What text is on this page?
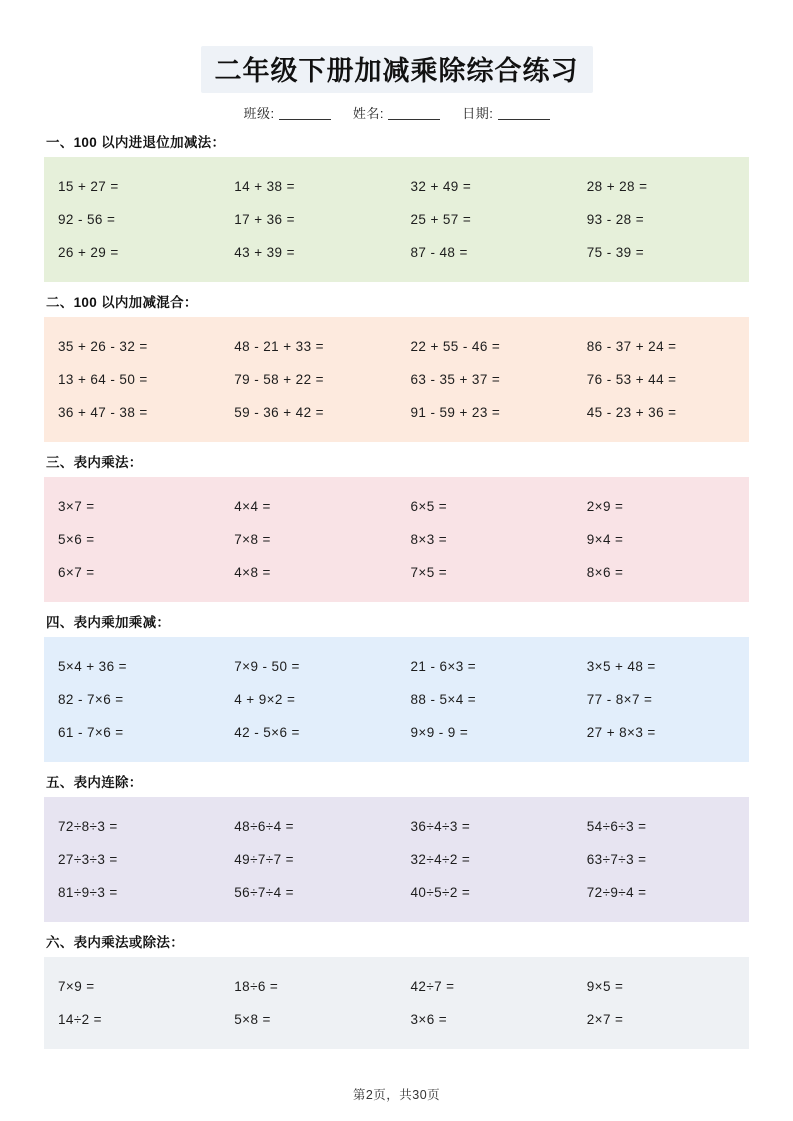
二年级下册加减乘除综合练习
班级:	姓名:	日期:
一、100 以内进退位加减法：
15 + 27 =	14 + 38 =	32 + 49 =	28 + 28 =
92 - 56 =	17 + 36 =	25 + 57 =	93 - 28 =
26 + 29 =	43 + 39 =	87 - 48 =	75 - 39 =
二、100 以内加减混合：
35 + 26 - 32 =	48 - 21 + 33 =	22 + 55 - 46 =	86 - 37 + 24 =
13 + 64 - 50 =	79 - 58 + 22 =	63 - 35 + 37 =	76 - 53 + 44 =
36 + 47 - 38 =	59 - 36 + 42 =	91 - 59 + 23 =	45 - 23 + 36 =
三、表内乘法：
3×7 =	4×4 =	6×5 =	2×9 =
5×6 =	7×8 =	8×3 =	9×4 =
6×7 =	4×8 =	7×5 =	8×6 =
四、表内乘加乘减：
5×4 + 36 =	7×9 - 50 =	21 - 6×3 =	3×5 + 48 =
82 - 7×6 =	4 + 9×2 =	88 - 5×4 =	77 - 8×7 =
61 - 7×6 =	42 - 5×6 =	9×9 - 9 =	27 + 8×3 =
五、表内连除：
72÷8÷3 =	48÷6÷4 =	36÷4÷3 =	54÷6÷3 =
27÷3÷3 =	49÷7÷7 =	32÷4÷2 =	63÷7÷3 =
81÷9÷3 =	56÷7÷4 =	40÷5÷2 =	72÷9÷4 =
六、表内乘法或除法：
7×9 =	18÷6 =	42÷7 =	9×5 =
14÷2 =	5×8 =	3×6 =	2×7 =
第2页，共30页
